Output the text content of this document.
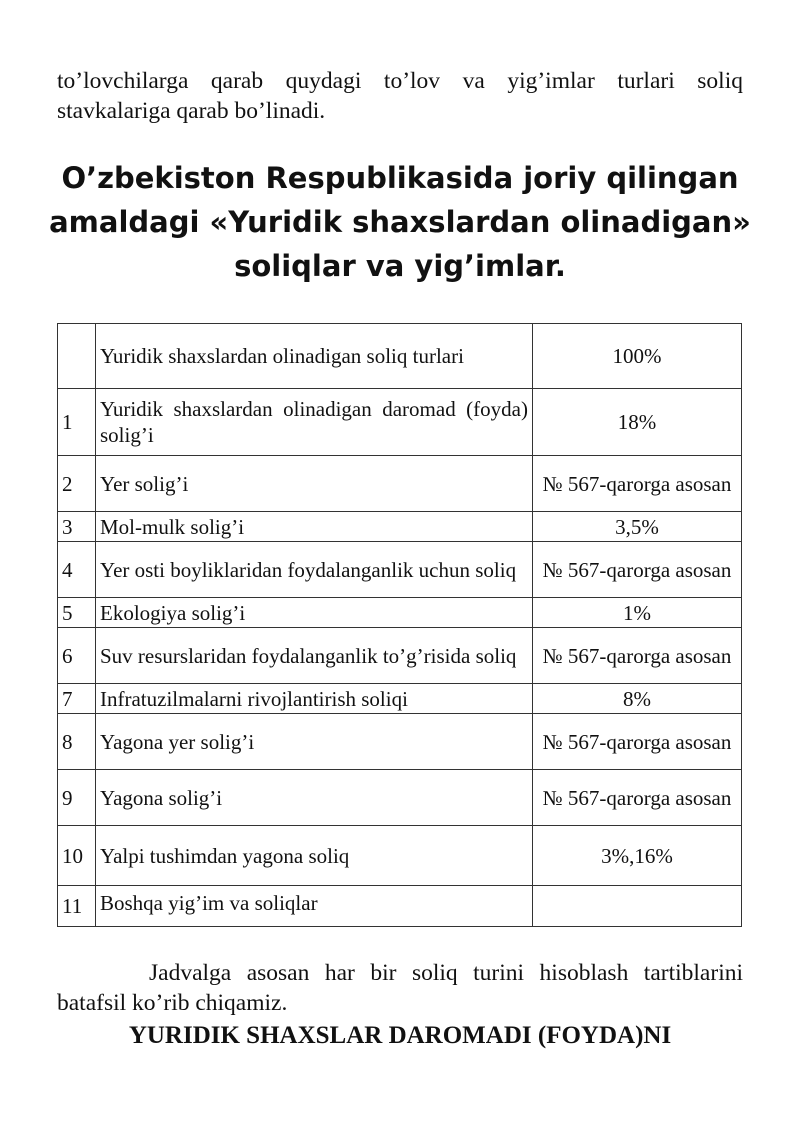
to’lovchilarga qarab quydagi to’lov va yig’imlar turlari soliq stavkalariga qarab bo’linadi.
O’zbekiston Respublikasida joriy qilingan
amaldagi «Yuridik shaxslardan olinadigan»
soliqlar va yig’imlar.
	Yuridik shaxslardan olinadigan soliq turlari	100%
1	Yuridik shaxslardan olinadigan daromad (foyda) solig’i	18%
2	Yer solig’i	№ 567-qarorga asosan
3	Mol-mulk solig’i	3,5%
4	Yer osti boyliklaridan foydalanganlik uchun soliq	№ 567-qarorga asosan
5	Ekologiya solig’i	1%
6	Suv resurslaridan foydalanganlik to’g’risida soliq	№ 567-qarorga asosan
7	Infratuzilmalarni rivojlantirish soliqi	8%
8	Yagona yer solig’i	№ 567-qarorga asosan
9	Yagona solig’i	№ 567-qarorga asosan
10	Yalpi tushimdan yagona soliq	3%,16%
11	Boshqa yig’im va soliqlar	
Jadvalga asosan har bir soliq turini hisoblash tartiblarini batafsil ko’rib chiqamiz.
YURIDIK SHAXSLAR DAROMADI (FOYDA)NI
